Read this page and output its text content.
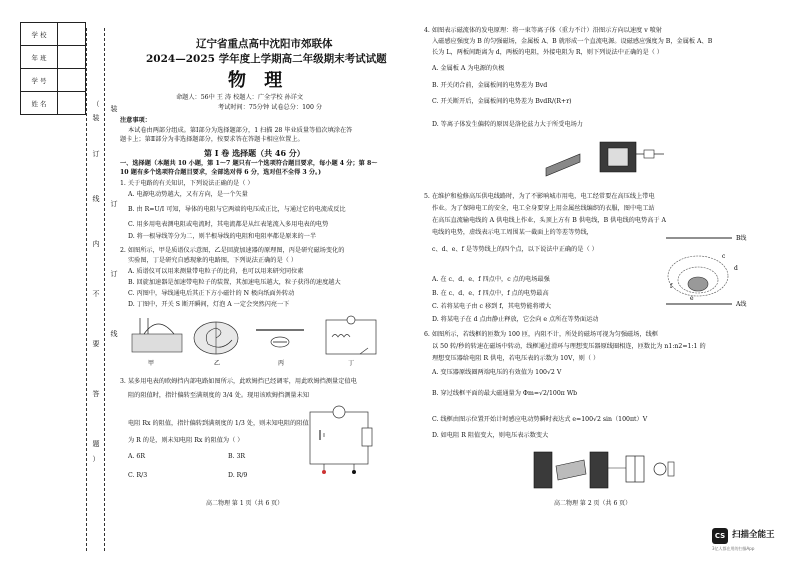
学 校
年 班
学 号
姓 名	（
装
订
线
内
不
要
答
题
）
装
订
线
订
辽宁省重点高中沈阳市郊联体
2024—2025 学年度上学期高二年级期末考试试题
物 理
命题人：56中 王 涛 校题人：广全学校 孙详文
考试时间：75分钟 试卷总分：100 分
注意事项：
本试卷由两部分组成。第Ⅰ部分为选择题部分，1 扫描 28 毕业质量等值次填涂在答
题卡上；第Ⅱ部分为非选择题部分，按要求答在答题卡相应位置上。
第 Ⅰ 卷 选择题（共 46 分）
一、选择题（本题共 10 小题，第 1～7 题只有一个选项符合题目要求，每小题 4 分；第 8～
10 题有多个选项符合题目要求，全部选对得 6 分，选对但不全得 3 分。)
1. 关于电路的有关知识，下列说法正确的是（ ）
A. 电源电动势越大，又有方向，是一个矢量
B. 由 R=U/I 可知，导体的电阻与它两端的电压成正比，与通过它的电流成反比
C. 用多用电表测电阻或电流时，其电流都是从红表笔流入多用电表的电势
D. 将一根导线等分为二，则半根导线的电阻和电阻率都是原来的一半
2. 如图所示，甲是质谱仪示意图，乙是回旋加速器的原理图，丙是研究磁场变化的
实验图，丁是研究自感现象的电路图，下列说法正确的是（ ）
A. 质谱仪可以用来测量带电粒子的比荷，也可以用来研究同位素
B. 回旋加速器是加速带电粒子的装置，其加速电压越大，粒子获得的速度越大
C. 丙图中，导线通电后其正下方小磁针的 N 极向纸面外转动
D. 丁图中，开关 S 断开瞬间，灯泡 A 一定会突然闪亮一下
甲	乙	丙	丁
3. 某多用电表的欧姆挡内部电路如图所示，此欧姆挡已经调零，用此欧姆挡测量定值电
阻的阻值时，指针偏转至满刻度的 3/4 处。现用该欧姆挡测量未知
电阻 Rx 的阻值，指针偏转到满刻度的 1/3 处，则未知电阻的阻值
为 R 的是，则未知电阻 Rx 的阻值为（ ）
A. 6R	B. 3R
C. R/3	D. R/9
高二物理 第 1 页（共 6 页）
4. 如图表示磁流体的发电原理：将一束等离子体（重力不计）沿图示方向以速度 v 喷射
入磁感应强度为 B 的匀强磁场，金属板 A、B 就形成一个直流电源。设磁感应强度为 B，金属板 A、B
长为 L，两板间距离为 d，两板的电阻，外接电阻为 R，则下列说法中正确的是（ ）
A. 金属板 A 为电源的负极
B. 开关闭合前，金属板间的电势差为 Bvd
C. 开关断开后，金属板间的电势差为 BvdR/(R+r)
D. 等离子体发生偏转的原因是洛伦兹力大于所受电场力
5. 在维护和检修高压供电线路时，为了不影响城市用电，电工经常要在高压线上带电
作业。为了保障电工的安全，电工全身要穿上用金属丝线编织的衣服，图中电工站
在高压直流输电线的 A 供电线上作业，头顶上方有 B 供电线，B 供电线的电势高于 A
电线的电势，虚线表示电工周围某一截面上的等差等势线，
c、d、e、f 是等势线上的四个点，以下说法中正确的是（ ）
A. 在 c、d、e、f 四点中，c 点的电场最强
B. 在 c、d、e、f 四点中，f 点的电势最高
C. 若将某电子由 c 移到 f，其电势能将增大
D. 将某电子在 d 点由静止释放，它会向 e 点所在等势面运动
B线
A线
d
c
f
e
6. 如图所示，若线框的匝数为 100 匝，内阻不计，所处的磁场可视为匀强磁场，线框
以 50 转/秒的转速在磁场中转动，线框通过滑环与理想变压器原线圈相连，匝数比为 n1:n2=1:1 的
理想变压器给电阻 R 供电，若电压表的示数为 10V，则（ ）
A. 变压器原线圈两端电压的有效值为 100√2 V
B. 穿过线框平面的最大磁通量为 Φm=√2/100π Wb
C. 线框由图示位置开始计时感应电动势瞬时表达式 e=100√2 sin（100πt）V
D. 如电阻 R 阻值变大，则电压表示数变大
高二物理 第 2 页（共 6 页）
CS 扫描全能王
3亿人都在用的扫描App
